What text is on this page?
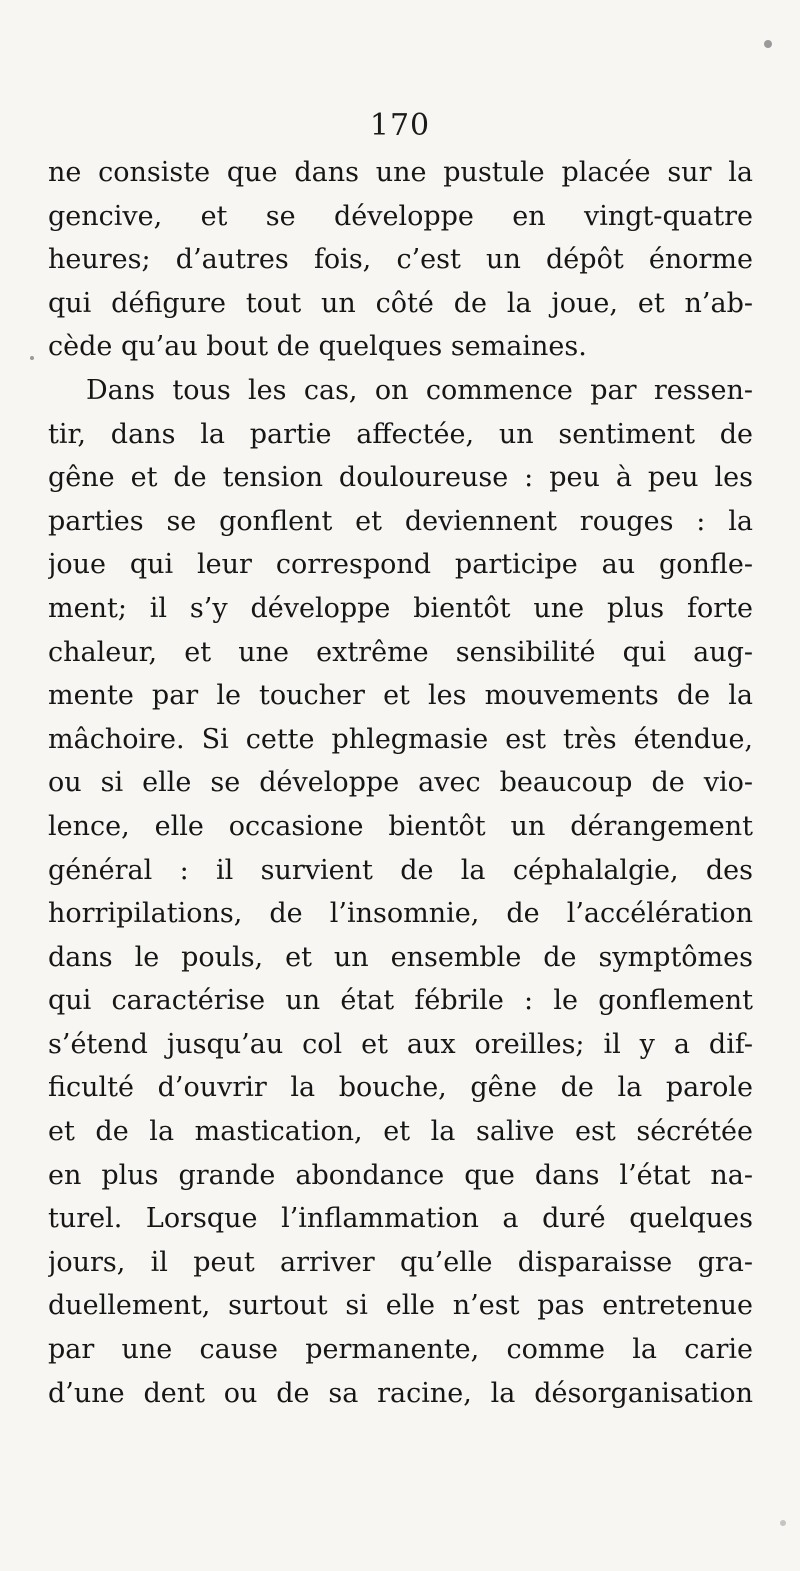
170
ne consiste que dans une pustule placée sur la
gencive, et se développe en vingt-quatre
heures; d’autres fois, c’est un dépôt énorme
qui défigure tout un côté de la joue, et n’ab-
cède qu’au bout de quelques semaines.
Dans tous les cas, on commence par ressen-
tir, dans la partie affectée, un sentiment de
gêne et de tension douloureuse : peu à peu les
parties se gonflent et deviennent rouges : la
joue qui leur correspond participe au gonfle-
ment; il s’y développe bientôt une plus forte
chaleur, et une extrême sensibilité qui aug-
mente par le toucher et les mouvements de la
mâchoire. Si cette phlegmasie est très étendue,
ou si elle se développe avec beaucoup de vio-
lence, elle occasione bientôt un dérangement
général : il survient de la céphalalgie, des
horripilations, de l’insomnie, de l’accélération
dans le pouls, et un ensemble de symptômes
qui caractérise un état fébrile : le gonflement
s’étend jusqu’au col et aux oreilles; il y a dif-
ficulté d’ouvrir la bouche, gêne de la parole
et de la mastication, et la salive est sécrétée
en plus grande abondance que dans l’état na-
turel. Lorsque l’inflammation a duré quelques
jours, il peut arriver qu’elle disparaisse gra-
duellement, surtout si elle n’est pas entretenue
par une cause permanente, comme la carie
d’une dent ou de sa racine, la désorganisation
